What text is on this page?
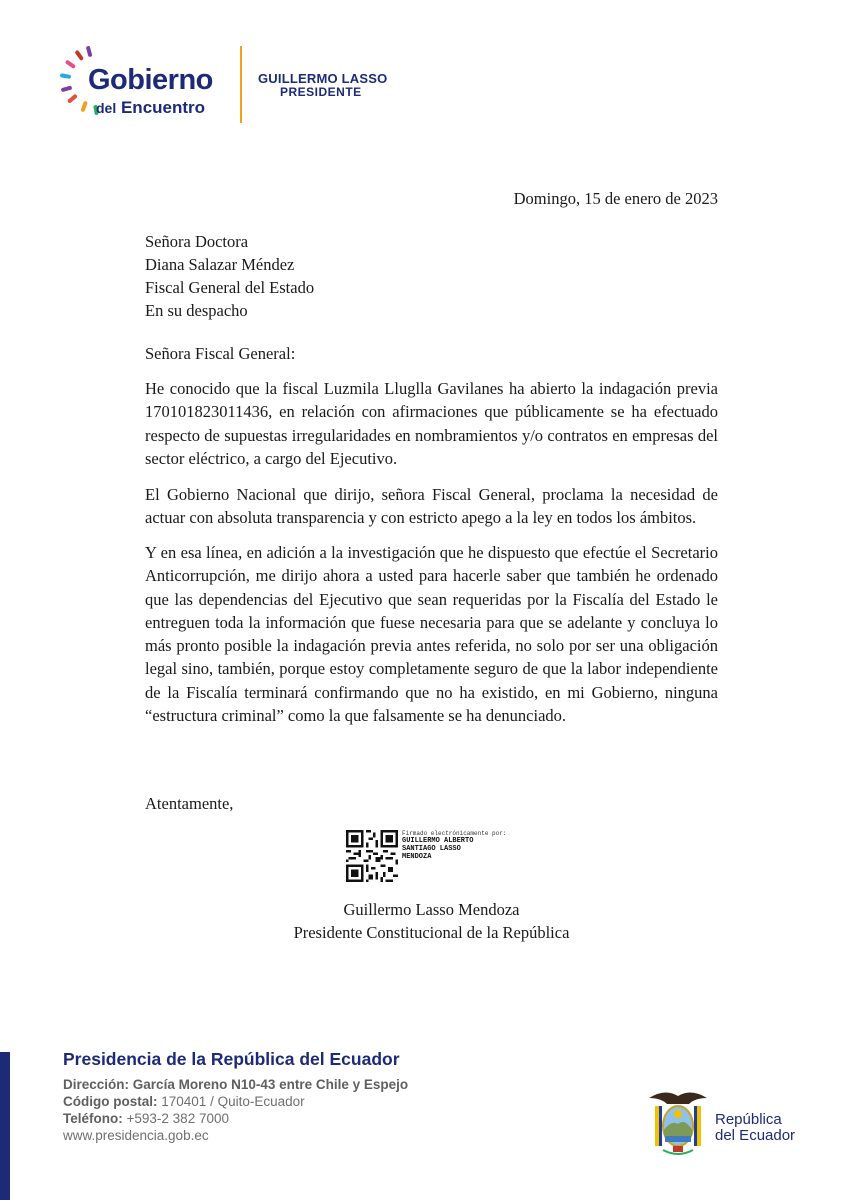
Gobierno
del Encuentro
GUILLERMO LASSO
PRESIDENTE
Domingo, 15 de enero de 2023
Señora Doctora
Diana Salazar Méndez
Fiscal General del Estado
En su despacho
Señora Fiscal General:

He conocido que la fiscal Luzmila Lluglla Gavilanes ha abierto la indagación previa 170101823011436, en relación con afirmaciones que públicamente se ha efectuado respecto de supuestas irregularidades en nombramientos y/o contratos en empresas del sector eléctrico, a cargo del Ejecutivo.

El Gobierno Nacional que dirijo, señora Fiscal General, proclama la necesidad de actuar con absoluta transparencia y con estricto apego a la ley en todos los ámbitos.

Y en esa línea, en adición a la investigación que he dispuesto que efectúe el Secretario Anticorrupción, me dirijo ahora a usted para hacerle saber que también he ordenado que las dependencias del Ejecutivo que sean requeridas por la Fiscalía del Estado le entreguen toda la información que fuese necesaria para que se adelante y concluya lo más pronto posible la indagación previa antes referida, no solo por ser una obligación legal sino, también, porque estoy completamente seguro de que la labor independiente de la Fiscalía terminará confirmando que no ha existido, en mi Gobierno, ninguna “estructura criminal” como la que falsamente se ha denunciado.

Atentamente,
Firmado electrónicamente por:
GUILLERMO ALBERTO
SANTIAGO LASSO
MENDOZA
Guillermo Lasso Mendoza
Presidente Constitucional de la República
Presidencia de la República del Ecuador
Dirección: García Moreno N10-43 entre Chile y Espejo
Código postal: 170401 / Quito-Ecuador
Teléfono: +593-2 382 7000
www.presidencia.gob.ec
República
del Ecuador
